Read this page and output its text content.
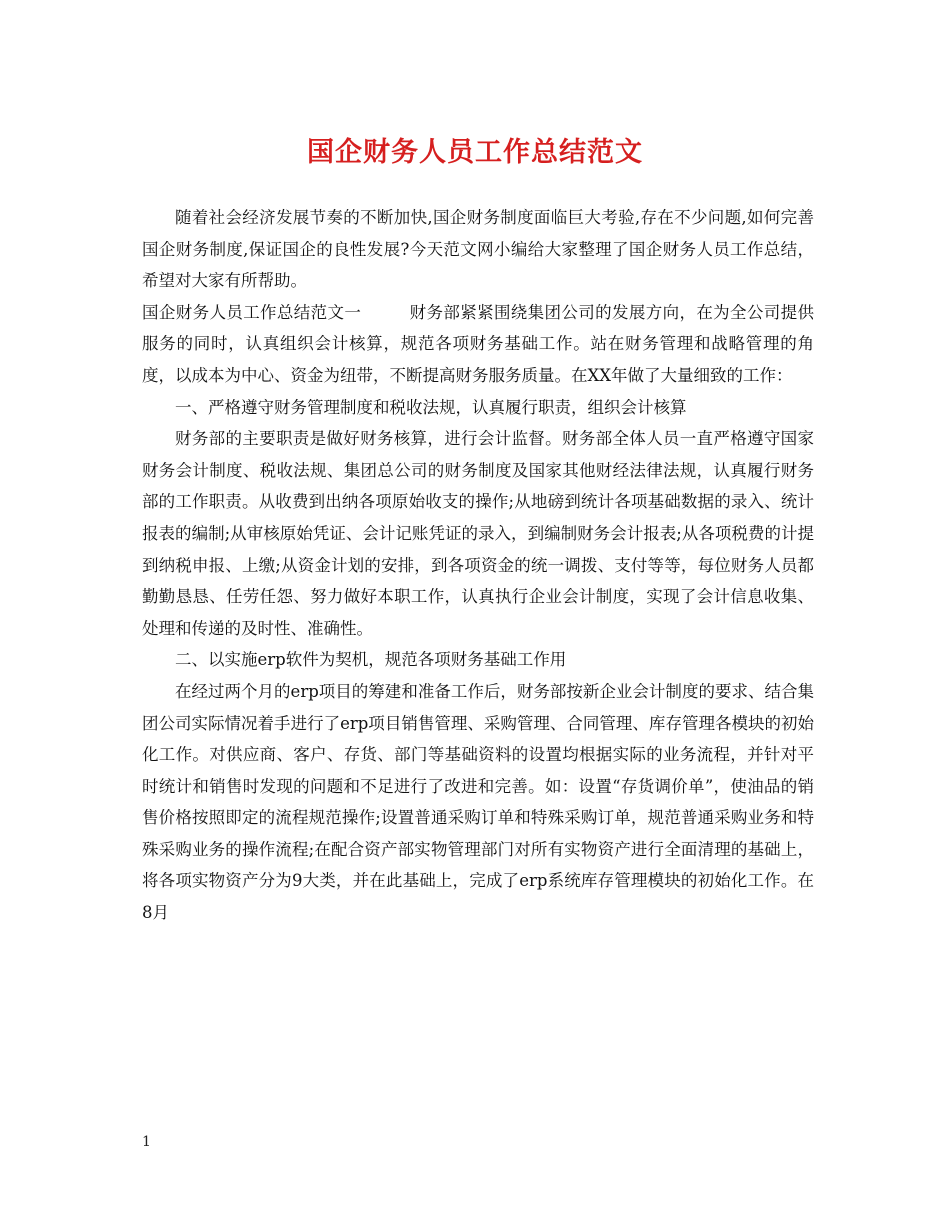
国企财务人员工作总结范文

随着社会经济发展节奏的不断加快,国企财务制度面临巨大考验,存在不少问题,如何完善国企财务制度,保证国企的良性发展?今天范文网小编给大家整理了国企财务人员工作总结，希望对大家有所帮助。

国企财务人员工作总结范文一	财务部紧紧围绕集团公司的发展方向，在为全公司提供服务的同时，认真组织会计核算，规范各项财务基础工作。站在财务管理和战略管理的角度，以成本为中心、资金为纽带，不断提高财务服务质量。在XX年做了大量细致的工作：

一、严格遵守财务管理制度和税收法规，认真履行职责，组织会计核算

财务部的主要职责是做好财务核算，进行会计监督。财务部全体人员一直严格遵守国家财务会计制度、税收法规、集团总公司的财务制度及国家其他财经法律法规，认真履行财务部的工作职责。从收费到出纳各项原始收支的操作;从地磅到统计各项基础数据的录入、统计报表的编制;从审核原始凭证、会计记账凭证的录入，到编制财务会计报表;从各项税费的计提到纳税申报、上缴;从资金计划的安排，到各项资金的统一调拨、支付等等，每位财务人员都勤勤恳恳、任劳任怨、努力做好本职工作，认真执行企业会计制度，实现了会计信息收集、处理和传递的及时性、准确性。

二、以实施erp软件为契机，规范各项财务基础工作用

在经过两个月的erp项目的筹建和准备工作后，财务部按新企业会计制度的要求、结合集团公司实际情况着手进行了erp项目销售管理、采购管理、合同管理、库存管理各模块的初始化工作。对供应商、客户、存货、部门等基础资料的设置均根据实际的业务流程，并针对平时统计和销售时发现的问题和不足进行了改进和完善。如：设置“存货调价单”，使油品的销售价格按照即定的流程规范操作;设置普通采购订单和特殊采购订单，规范普通采购业务和特殊采购业务的操作流程;在配合资产部实物管理部门对所有实物资产进行全面清理的基础上，将各项实物资产分为9大类，并在此基础上，完成了erp系统库存管理模块的初始化工作。在8月

1
